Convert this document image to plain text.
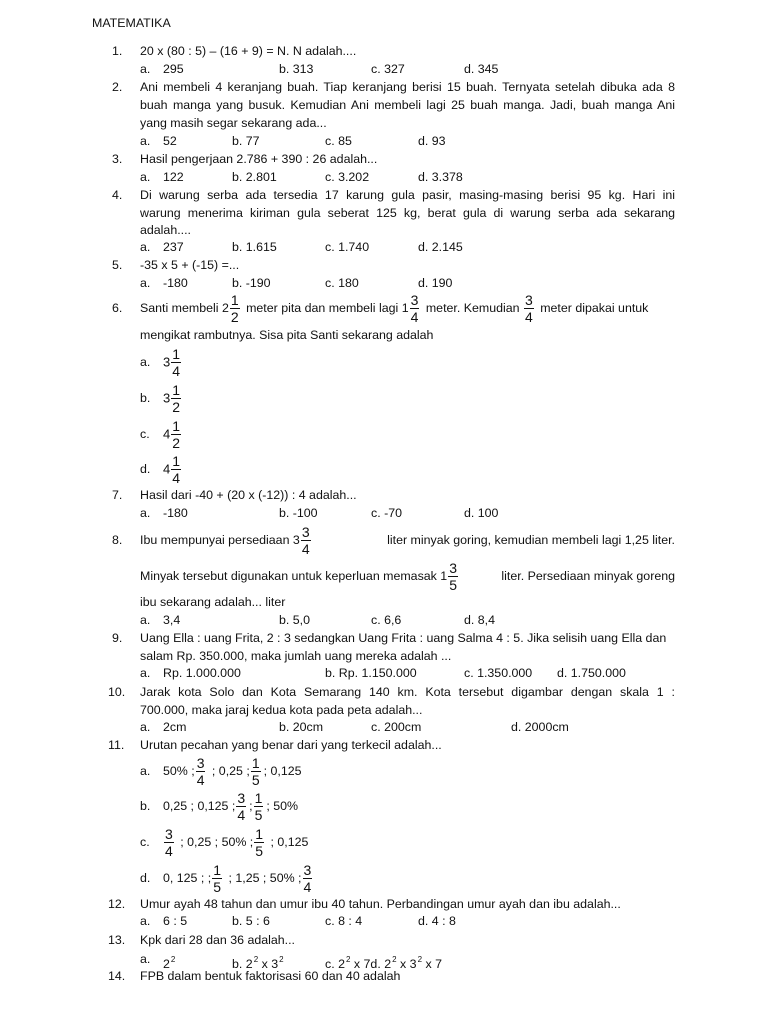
MATEMATIKA
1. 20 x (80 : 5) – (16 + 9) = N. N adalah....
a. 295	b. 313	c. 327	d. 345
2. Ani membeli 4 keranjang buah. Tiap keranjang berisi 15 buah. Ternyata setelah dibuka ada 8
buah manga yang busuk. Kemudian Ani membeli lagi 25 buah manga. Jadi, buah manga Ani
yang masih segar sekarang ada...
a. 52	b. 77	c. 85	d. 93
3. Hasil pengerjaan 2.786 + 390 : 26 adalah...
a. 122	b. 2.801	c. 3.202	d. 3.378
4. Di warung serba ada tersedia 17 karung gula pasir, masing-masing berisi 95 kg. Hari ini
warung menerima kiriman gula seberat 125 kg, berat gula di warung serba ada sekarang
adalah....
a. 237	b. 1.615	c. 1.740	d. 2.145
5. -35 x 5 + (-15) =...
a. -180	b. -190	c. 180	d. 190
6. Santi membeli $2 \frac{1}{2}$ meter pita dan membeli lagi $1 \frac{3}{4}$ meter. Kemudian $\frac{3}{4}$ meter dipakai untuk
mengikat rambutnya. Sisa pita Santi sekarang adalah
a. $3 \frac{1}{4}$
b. $3 \frac{1}{2}$
c. $4 \frac{1}{2}$
d. $4 \frac{1}{4}$
7. Hasil dari -40 + (20 x (-12)) : 4 adalah...
a. -180	b. -100	c. -70	d. 100
8. Ibu mempunyai persediaan $3 \frac{3}{4}$	liter minyak goring, kemudian membeli lagi 1,25 liter.
Minyak tersebut digunakan untuk keperluan memasak $1 \frac{3}{5}$	liter. Persediaan minyak goreng
ibu sekarang adalah... liter
a. 3,4	b. 5,0	c. 6,6	d. 8,4
9. Uang Ella : uang Frita, 2 : 3 sedangkan Uang Frita : uang Salma 4 : 5. Jika selisih uang Ella dan
salam Rp. 350.000, maka jumlah uang mereka adalah ...
a. Rp. 1.000.000	b. Rp. 1.150.000	c. 1.350.000 d. 1.750.000
10. Jarak kota Solo dan Kota Semarang 140 km. Kota tersebut digambar dengan skala 1 :
700.000, maka jaraj kedua kota pada peta adalah...
a. 2cm	b. 20cm	c. 200cm	d. 2000cm
11. Urutan pecahan yang benar dari yang terkecil adalah...
a. 50% ; $\frac{3}{4}$ ; 0,25 ; $\frac{1}{5}$ ; 0,125
b. 0,25 ; 0,125 ; $\frac{3}{4}$ ; $\frac{1}{5}$ ; 50%
c. $\frac{3}{4}$ ; 0,25 ; 50% ; $\frac{1}{5}$ ; 0,125
d. 0, 125 ; ; $\frac{1}{5}$ ; 1,25 ; 50% ; $\frac{3}{4}$
12. Umur ayah 48 tahun dan umur ibu 40 tahun. Perbandingan umur ayah dan ibu adalah...
a. 6 : 5	b. 5 : 6	c. 8 : 4	d. 4 : 8
13. Kpk dari 28 dan 36 adalah...
a. $2^2$	b. $2^2$ x $3^2$	c. $2^2$ x 7d. $2^2$ x $3^2$ x 7
14. FPB dalam bentuk faktorisasi 60 dan 40 adalah
